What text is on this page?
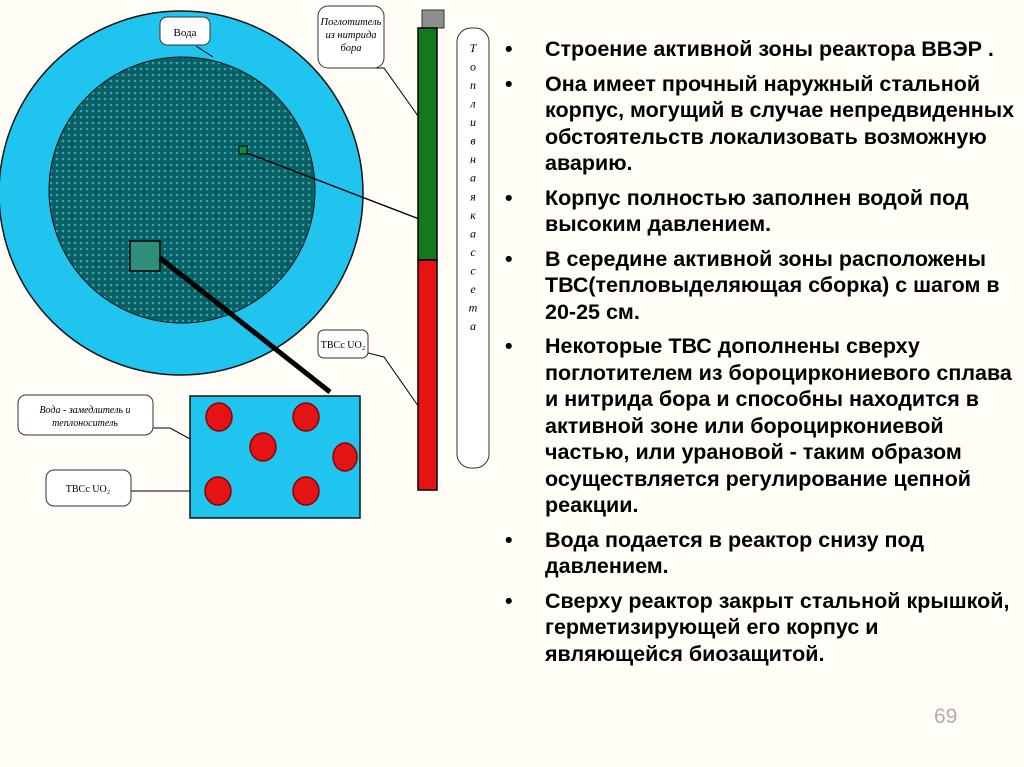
Вода
Поглотитель из нитрида бора
Вода - замедлитель и теплоноситель
ТВСс UO₂
ТВСс UO₂
Т о п л и в н а я к а с с е т а
• Строение активной зоны реактора ВВЭР .
• Она имеет прочный наружный стальной корпус, могущий в случае непредвиденных обстоятельств локализовать возможную аварию.
• Корпус полностью заполнен водой под высоким давлением.
• В середине активной зоны расположены ТВС(тепловыделяющая сборка) с шагом в 20-25 см.
• Некоторые ТВС дополнены сверху поглотителем из бороциркониевого сплава и нитрида бора и способны находится в активной зоне или бороциркониевой частью, или урановой - таким образом осуществляется регулирование цепной реакции.
• Вода подается в реактор снизу под давлением.
• Сверху реактор закрыт стальной крышкой, герметизирующей его корпус и являющейся биозащитой.
69
